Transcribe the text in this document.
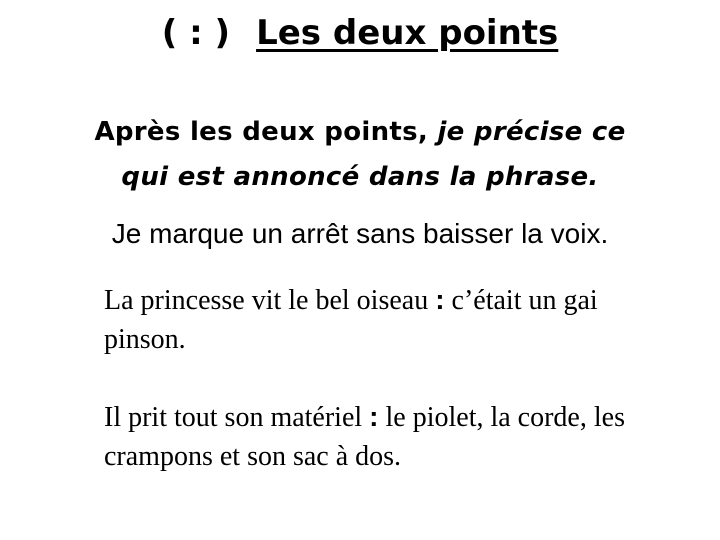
( : ) Les deux points
Après les deux points, je précise ce
qui est annoncé dans la phrase.
Je marque un arrêt sans baisser la voix.
La princesse vit le bel oiseau : c’était un gai pinson.
Il prit tout son matériel : le piolet, la corde, les crampons et son sac à dos.
